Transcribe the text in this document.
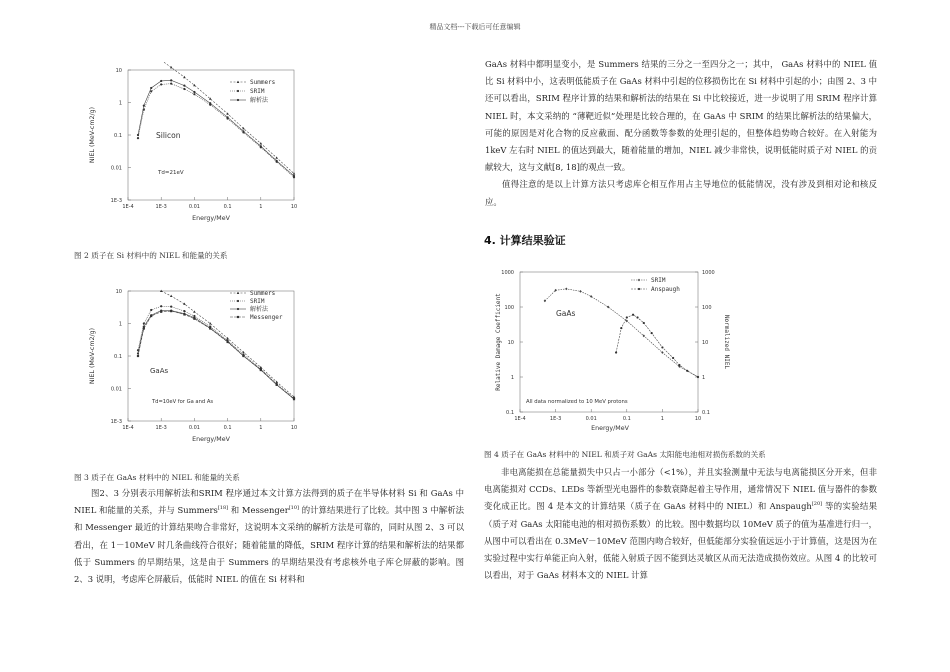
精品文档---下载后可任意编辑
NIEL (MeV-cm2/g)
Energy/MeV
Silicon
Td=21eV
1E-4	1E-3	0.01	0.1	1	10
10
1
0.1
0.01
1E-3
Summers
SRIM
解析法
图 2 质子在 Si 材料中的 NIEL 和能量的关系
NIEL (MeV-cm2/g)
Energy/MeV
GaAs
Td=10eV for Ga and As
1E-4	1E-3	0.01	0.1	1	10
10
1
0.1
0.01
1E-3
Summers
SRIM
解析法
Messenger
图 3 质子在 GaAs 材料中的 NIEL 和能量的关系

图2、3 分别表示用解析法和SRIM 程序通过本文计算方法得到的质子在半导体材料 Si 和 GaAs 中 NIEL 和能量的关系，并与 Summers[18] 和 Messenger[10] 的计算结果进行了比较。其中图 3 中解析法和 Messenger 最近的计算结果吻合非常好，这说明本文采纳的解析方法是可靠的，同时从图 2、3 可以看出，在 1－10MeV 时几条曲线符合很好；随着能量的降低，SRIM 程序计算的结果和解析法的结果都低于 Summers 的早期结果，这是由于 Summers 的早期结果没有考虑核外电子库仑屏蔽的影响。图 2、3 说明，考虑库仑屏蔽后，低能时 NIEL 的值在 Si 材料和

GaAs 材料中都明显变小，是 Summers 结果的三分之一至四分之一；其中， GaAs 材料中的 NIEL 值比 Si 材料中小，这表明低能质子在 GaAs 材料中引起的位移损伤比在 Si 材料中引起的小；由图 2、3 中还可以看出，SRIM 程序计算的结果和解析法的结果在 Si 中比较接近，进一步说明了用 SRIM 程序计算 NIEL 时，本文采纳的 “薄靶近似”处理是比较合理的，在 GaAs 中 SRIM 的结果比解析法的结果偏大，可能的原因是对化合物的反应截面、配分函数等参数的处理引起的，但整体趋势吻合较好。在入射能为 1keV 左右时 NIEL 的值达到最大，随着能量的增加，NIEL 减少非常快，说明低能时质子对 NIEL 的贡献较大，这与文献[8, 18]的观点一致。

值得注意的是以上计算方法只考虑库仑相互作用占主导地位的低能情况，没有涉及到相对论和核反应。

4. 计算结果验证
Relative Damage Coefficient	Normalized NIEL
Energy/MeV
GaAs
All data normalized to 10 MeV protons
1E-4	1E-3	0.01	0.1	1	10
1000
100
10
1
0.1
1000
100
10
1
0.1
SRIM
Anspaugh
图 4 质子在 GaAs 材料中的 NIEL 和质子对 GaAs 太阳能电池相对损伤系数的关系

非电离能损在总能量损失中只占一小部分（<1%），并且实验测量中无法与电离能损区分开来，但非电离能损对 CCDs、LEDs 等新型光电器件的参数衰降起着主导作用，通常情况下 NIEL 值与器件的参数变化成正比。图 4 是本文的计算结果（质子在 GaAs 材料中的 NIEL）和 Anspaugh[20] 等的实验结果（质子对 GaAs 太阳能电池的相对损伤系数）的比较。图中数据均以 10MeV 质子的值为基准进行归一，从图中可以看出在 0.3MeV－10MeV 范围内吻合较好，但低能部分实验值远远小于计算值，这是因为在实验过程中实行单能正向入射，低能入射质子因不能到达灵敏区从而无法造成损伤效应。从图 4 的比较可以看出，对于 GaAs 材料本文的 NIEL 计算
